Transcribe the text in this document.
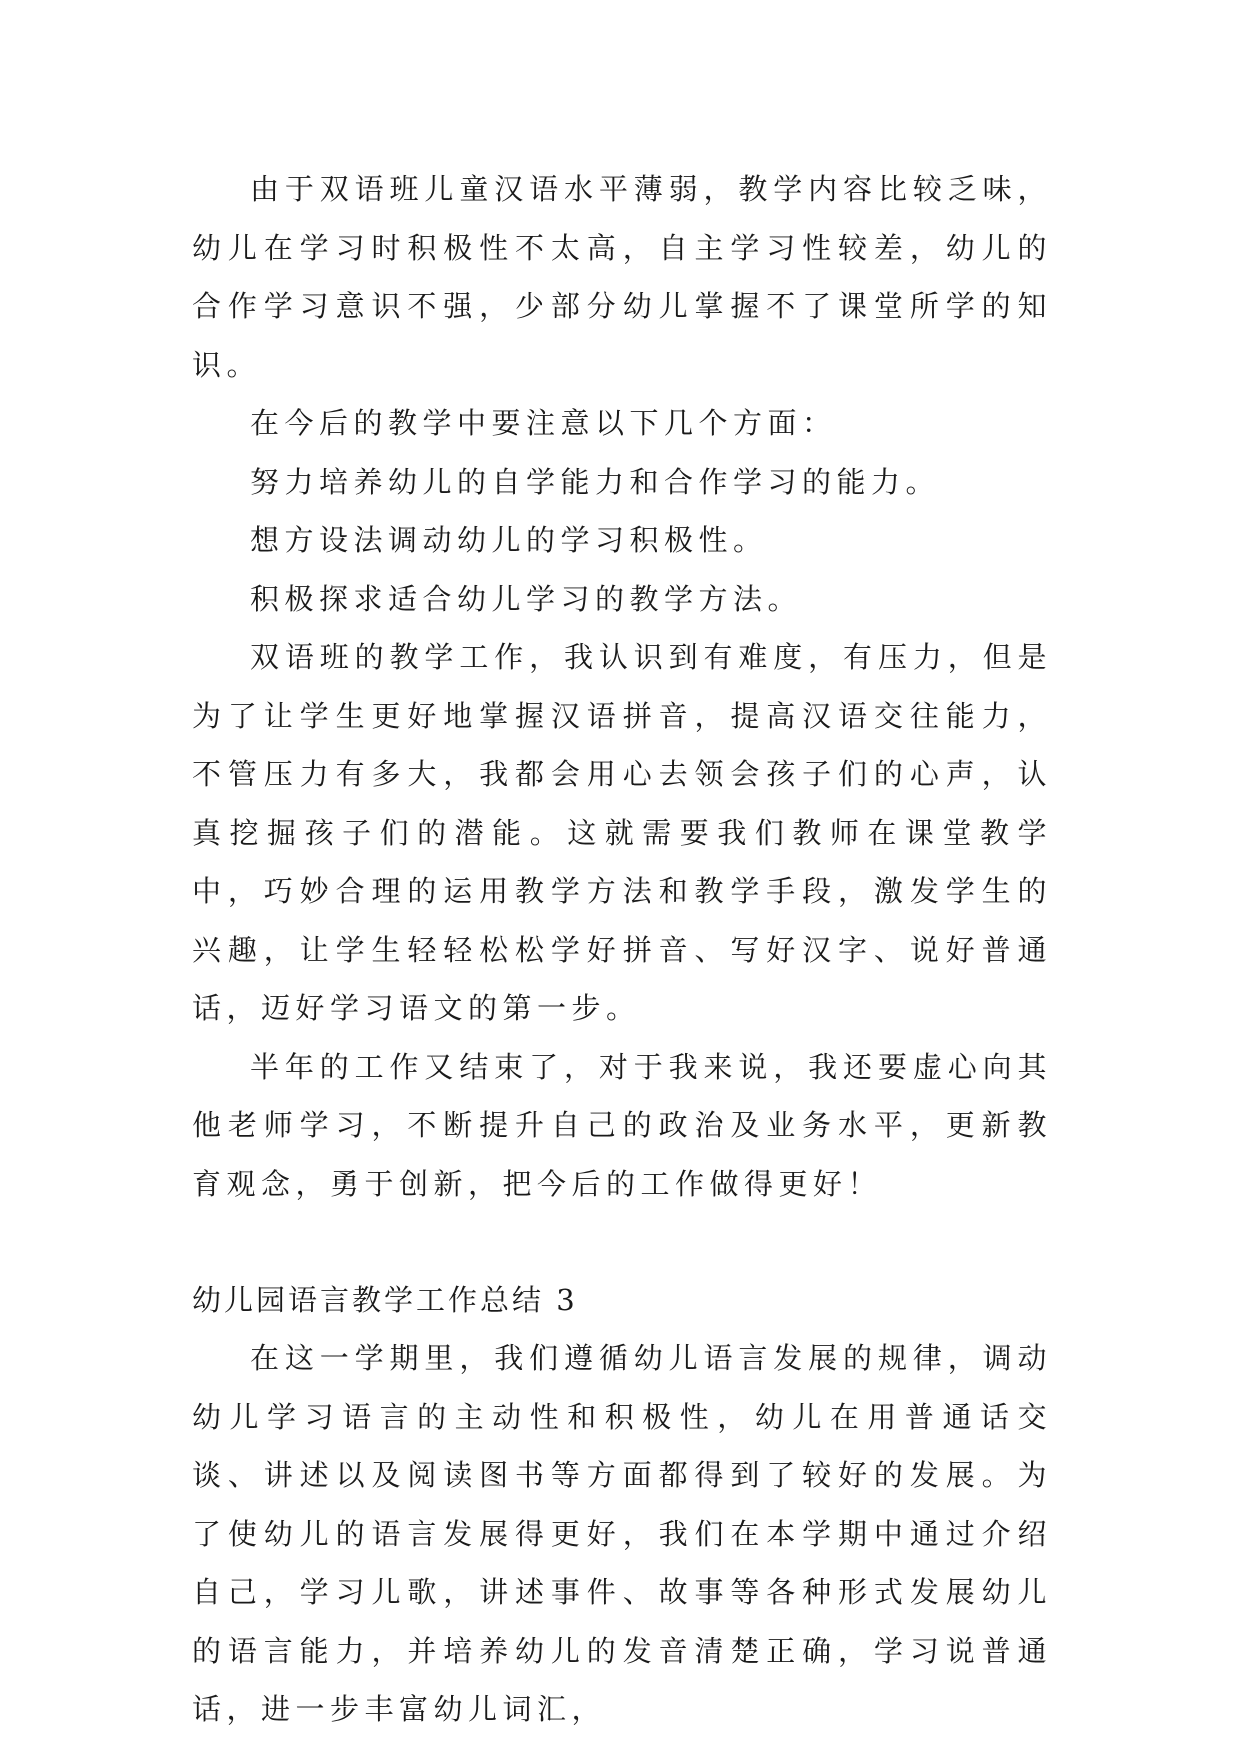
由于双语班儿童汉语水平薄弱，教学内容比较乏味，幼儿在学习时积极性不太高，自主学习性较差，幼儿的合作学习意识不强，少部分幼儿掌握不了课堂所学的知识。

在今后的教学中要注意以下几个方面：

努力培养幼儿的自学能力和合作学习的能力。

想方设法调动幼儿的学习积极性。

积极探求适合幼儿学习的教学方法。

双语班的教学工作，我认识到有难度，有压力，但是为了让学生更好地掌握汉语拼音，提高汉语交往能力，不管压力有多大，我都会用心去领会孩子们的心声，认真挖掘孩子们的潜能。这就需要我们教师在课堂教学中，巧妙合理的运用教学方法和教学手段，激发学生的兴趣，让学生轻轻松松学好拼音、写好汉字、说好普通话，迈好学习语文的第一步。

半年的工作又结束了，对于我来说，我还要虚心向其他老师学习，不断提升自己的政治及业务水平，更新教育观念，勇于创新，把今后的工作做得更好！

幼儿园语言教学工作总结 3

在这一学期里，我们遵循幼儿语言发展的规律，调动幼儿学习语言的主动性和积极性，幼儿在用普通话交谈、讲述以及阅读图书等方面都得到了较好的发展。为了使幼儿的语言发展得更好，我们在本学期中通过介绍自己，学习儿歌，讲述事件、故事等各种形式发展幼儿的语言能力，并培养幼儿的发音清楚正确，学习说普通话，进一步丰富幼儿词汇，
